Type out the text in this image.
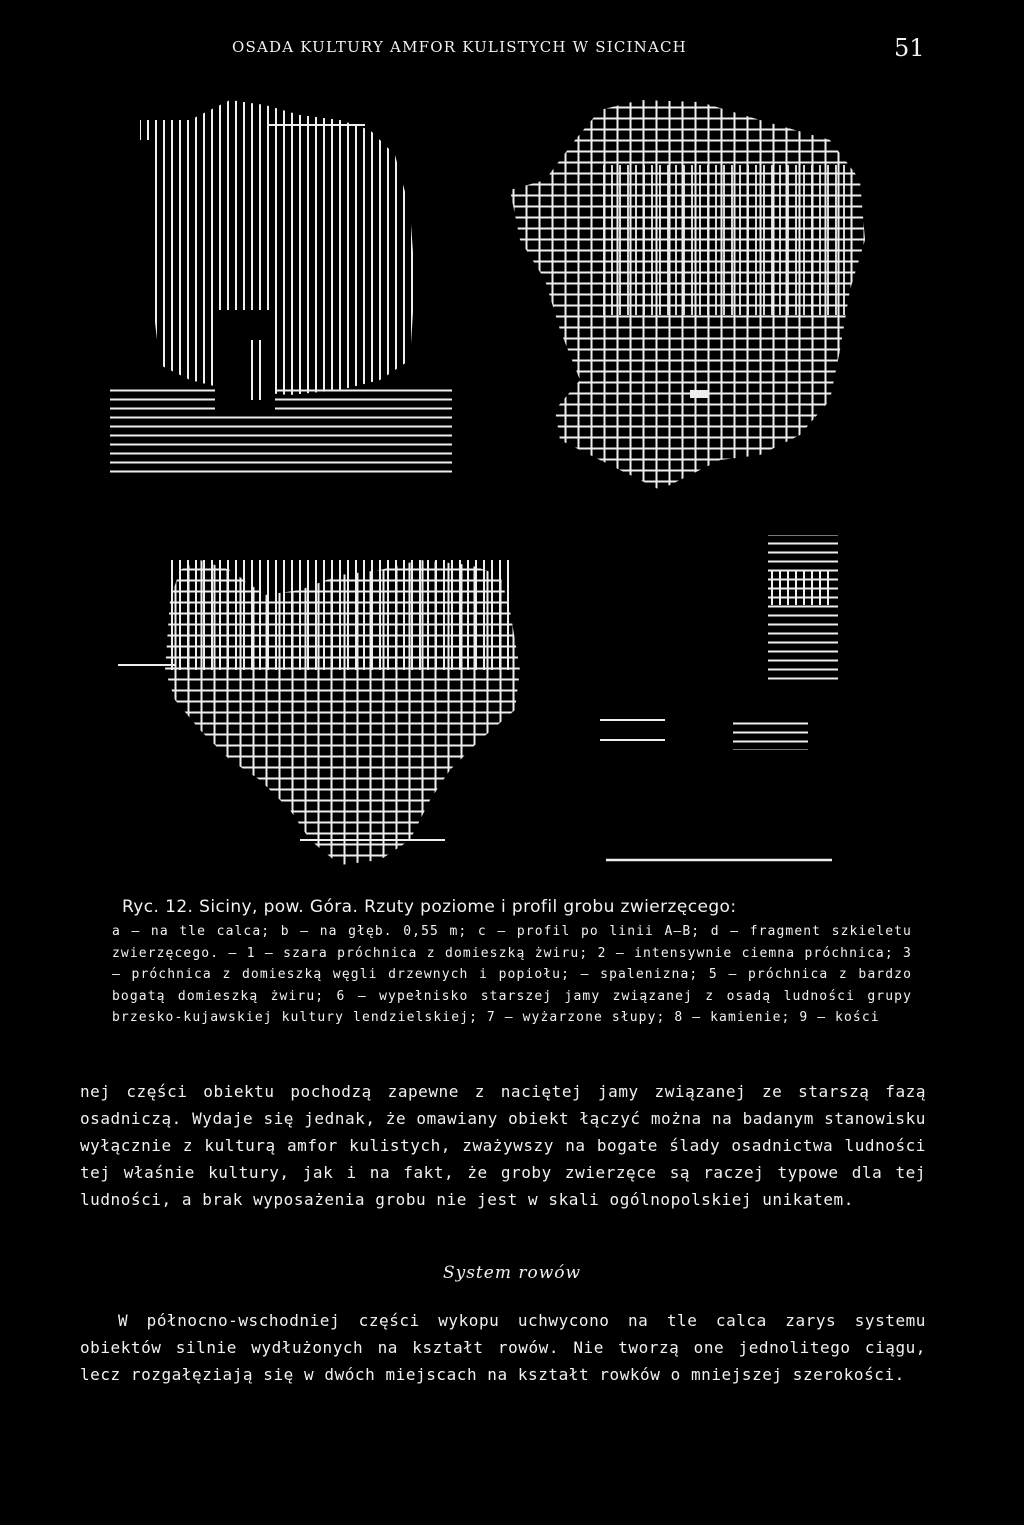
OSADA KULTURY AMFOR KULISTYCH W SICINACH	51
Ryc. 12. Siciny, pow. Góra. Rzuty poziome i profil grobu zwierzęcego:
a — na tle calca; b — na głęb. 0,55 m; c — profil po linii A—B; d — fragment szkieletu zwierzęcego. — 1 — szara próchnica z domieszką żwiru; 2 — intensywnie ciemna próchnica; 3 — próchnica z domieszką węgli drzewnych i popiołu; — spalenizna; 5 — próchnica z bardzo bogatą domieszką żwiru; 6 — wypełnisko starszej jamy związanej z osadą ludności grupy brzesko-kujawskiej kultury lendzielskiej; 7 — wyżarzone słupy; 8 — kamienie; 9 — kości
nej części obiektu pochodzą zapewne z naciętej jamy związanej ze starszą fazą osadniczą. Wydaje się jednak, że omawiany obiekt łączyć można na badanym stanowisku wyłącznie z kulturą amfor kulistych, zważywszy na bogate ślady osadnictwa ludności tej właśnie kultury, jak i na fakt, że groby zwierzęce są raczej typowe dla tej ludności, a brak wyposażenia grobu nie jest w skali ogólnopolskiej unikatem.
System rowów
W północno-wschodniej części wykopu uchwycono na tle calca zarys systemu obiektów silnie wydłużonych na kształt rowów. Nie tworzą one jednolitego ciągu, lecz rozgałęziają się w dwóch miejscach na kształt rowków o mniejszej szerokości.
